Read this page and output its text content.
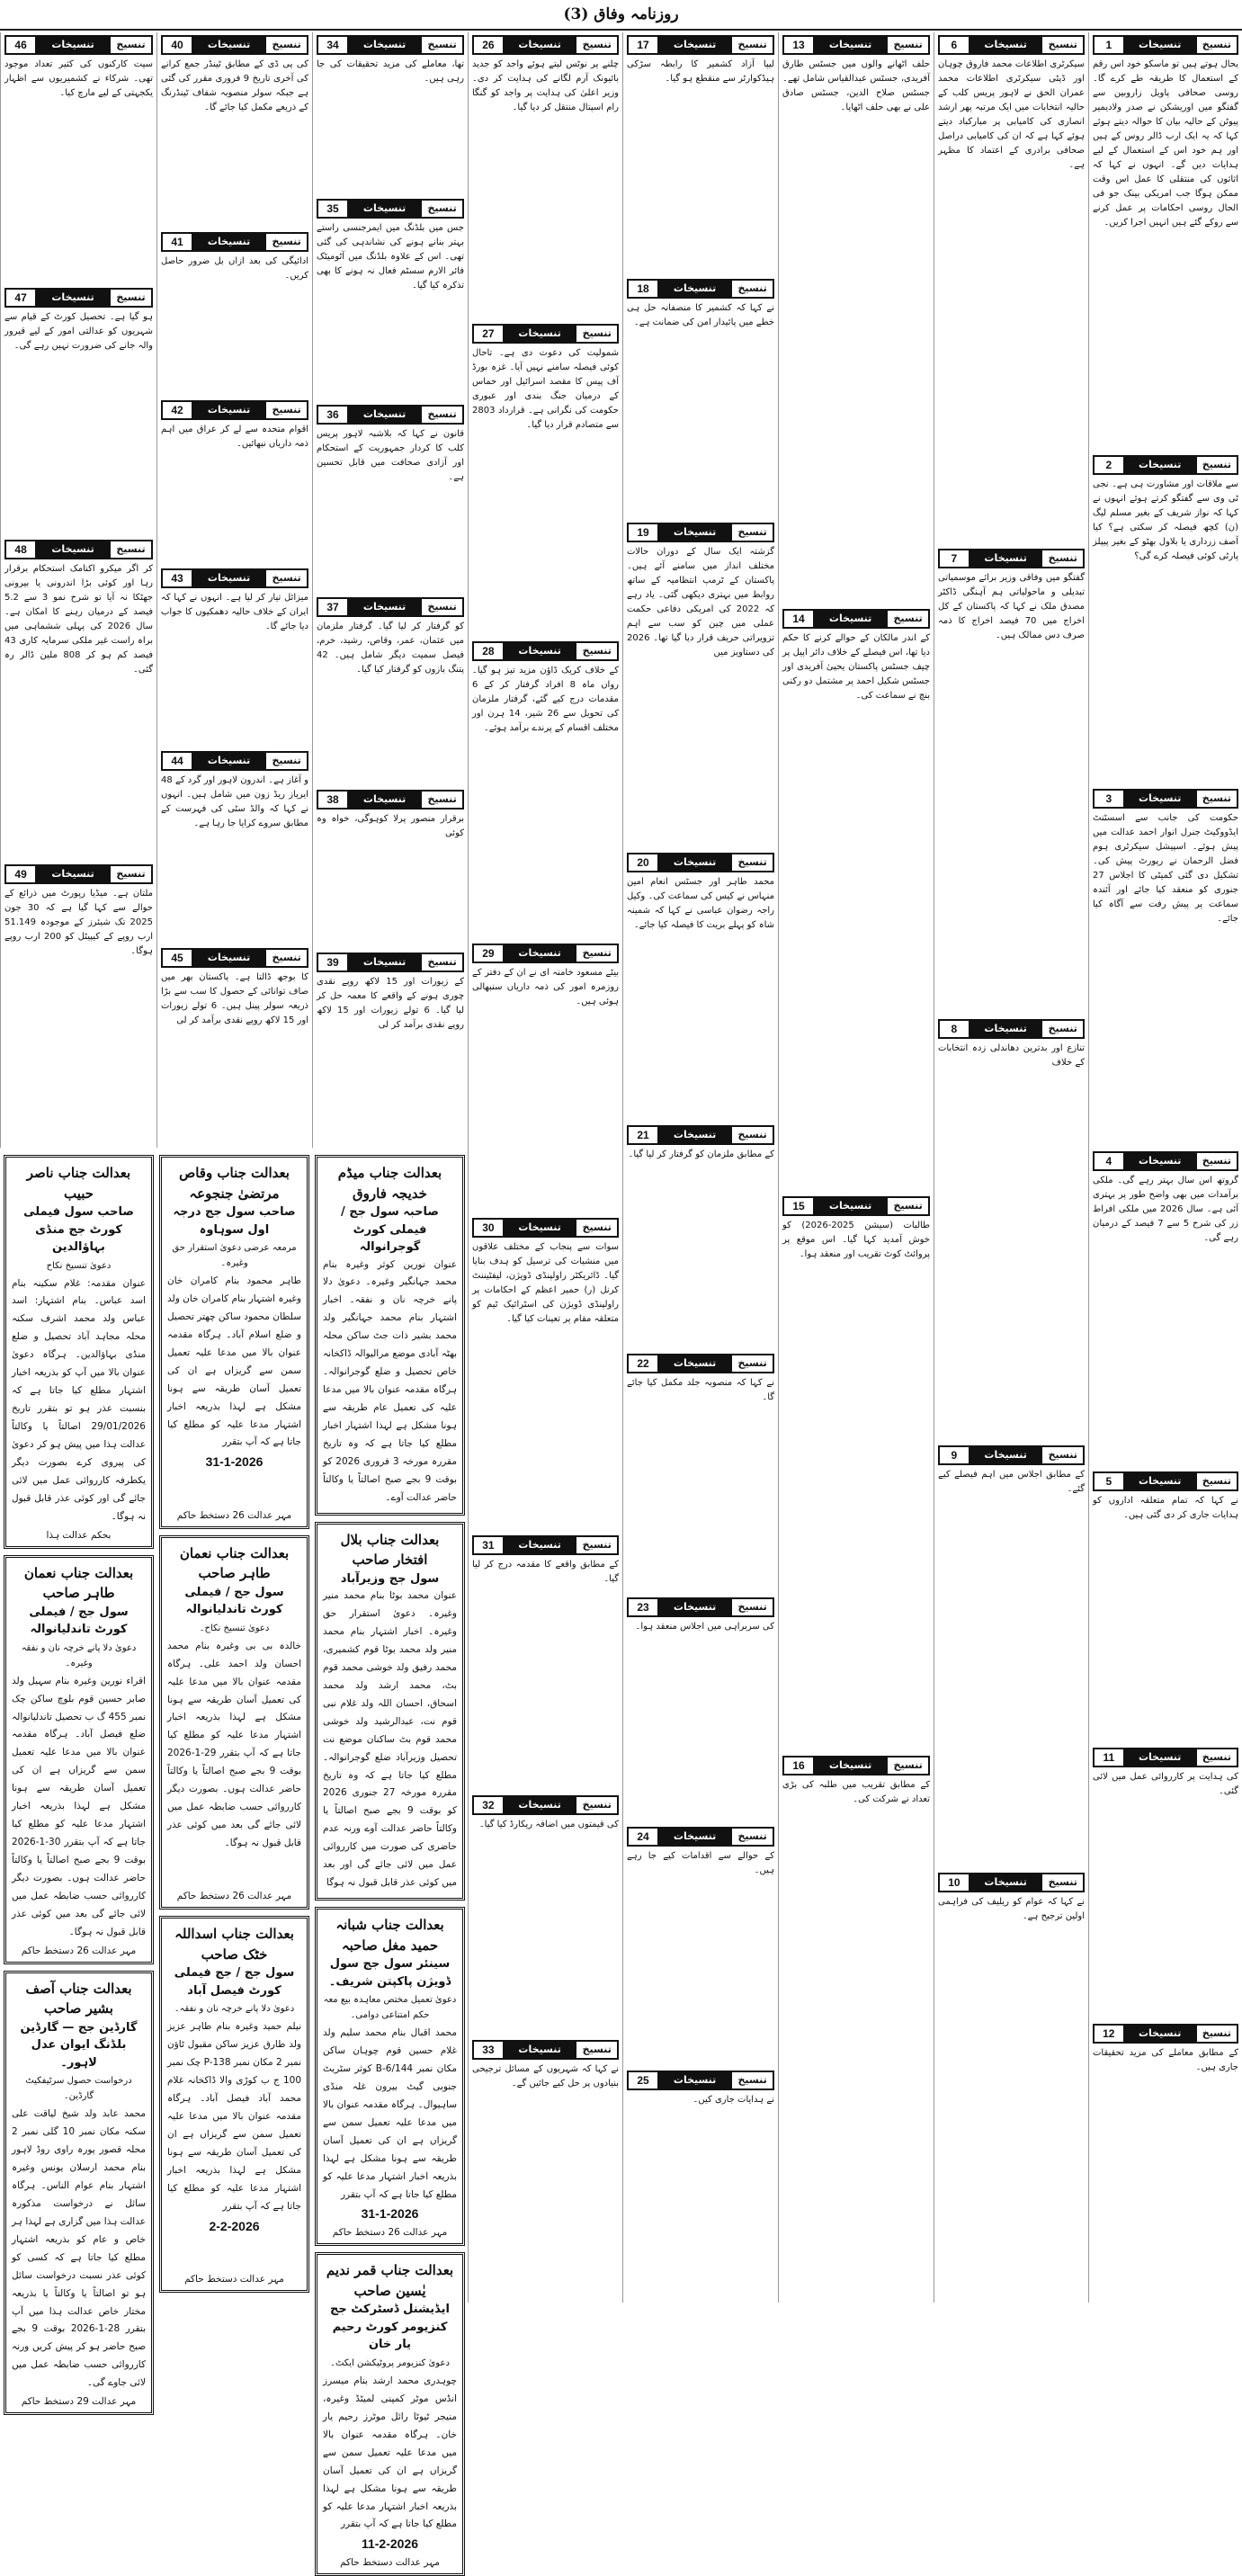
روزنامہ وفاق (3)
تنسیخ
تنسیخات
1
بحال ہوتے ہیں تو ماسکو خود اس رقم کے استعمال کا طریقہ طے کرے گا۔ روسی صحافی پاویل زاروبین سے گفتگو میں اوریشکن نے صدر ولادیمیر پیوٹن کے حالیہ بیان کا حوالہ دیتے ہوئے کہا کہ یہ ایک ارب ڈالر روس کے ہیں اور ہم خود اس کے استعمال کے لیے ہدایات دیں گے۔ انہوں نے کہا کہ اثاثوں کی منتقلی کا عمل اس وقت ممکن ہوگا جب امریکی بینک جو فی الحال روسی احکامات پر عمل کرنے سے روکے گئے ہیں انہیں اجرا کریں۔
تنسیخ
تنسیخات
2
سے ملاقات اور مشاورت ہی ہے۔ نجی ٹی وی سے گفتگو کرتے ہوئے انہوں نے کہا کہ نواز شریف کے بغیر مسلم لیگ (ن) کچھ فیصلہ کر سکتی ہے؟ کیا آصف زرداری یا بلاول بھٹو کے بغیر پیپلز پارٹی کوئی فیصلہ کرے گی؟
تنسیخ
تنسیخات
3
حکومت کی جانب سے اسسٹنٹ ایڈووکیٹ جنرل انوار احمد عدالت میں پیش ہوئے۔ اسپیشل سیکرٹری ہوم فضل الرحمان نے رپورٹ پیش کی۔ تشکیل دی گئی کمیٹی کا اجلاس 27 جنوری کو منعقد کیا جائے اور آئندہ سماعت پر پیش رفت سے آگاہ کیا جائے۔
تنسیخ
تنسیخات
4
گروتھ اس سال بہتر رہے گی۔ ملکی برآمدات میں بھی واضح طور پر بہتری آئی ہے۔ سال 2026 میں ملکی افراط زر کی شرح 5 سے 7 فیصد کے درمیان رہے گی۔
تنسیخ
تنسیخات
5
نے کہا کہ تمام متعلقہ اداروں کو ہدایات جاری کر دی گئی ہیں۔
تنسیخ
تنسیخات
11
کی ہدایت پر کارروائی عمل میں لائی گئی۔
تنسیخ
تنسیخات
12
کے مطابق معاملے کی مزید تحقیقات جاری ہیں۔
تنسیخ
تنسیخات
6
سیکرٹری اطلاعات محمد فاروق چوہان اور ڈپٹی سیکرٹری اطلاعات محمد عمران الحق نے لاہور پریس کلب کے حالیہ انتخابات میں ایک مرتبہ پھر ارشد انصاری کی کامیابی پر مبارکباد دیتے ہوئے کہا ہے کہ ان کی کامیابی دراصل صحافی برادری کے اعتماد کا مظہر ہے۔
تنسیخ
تنسیخات
7
گفتگو میں وفاقی وزیر برائے موسمیاتی تبدیلی و ماحولیاتی ہم آہنگی ڈاکٹر مصدق ملک نے کہا کہ پاکستان کے کل اخراج میں 70 فیصد اخراج کا ذمہ صرف دس ممالک ہیں۔
تنسیخ
تنسیخات
8
تنازع اور بدترین دھاندلی زدہ انتخابات کے خلاف
تنسیخ
تنسیخات
9
کے مطابق اجلاس میں اہم فیصلے کیے گئے۔
تنسیخ
تنسیخات
10
نے کہا کہ عوام کو ریلیف کی فراہمی اولین ترجیح ہے۔
تنسیخ
تنسیخات
13
حلف اٹھانے والوں میں جسٹس طارق آفریدی، جسٹس عبدالقیاس شامل تھے۔ جسٹس صلاح الدین، جسٹس صادق علی نے بھی حلف اٹھایا۔
تنسیخ
تنسیخات
14
کے اندر مالکان کے حوالے کرنے کا حکم دیا تھا، اس فیصلے کے خلاف دائر اپیل پر چیف جسٹس پاکستان یحییٰ آفریدی اور جسٹس شکیل احمد پر مشتمل دو رکنی بنچ نے سماعت کی۔
تنسیخ
تنسیخات
15
طالبات (سیشن 2025-2026) کو خوش آمدید کہا گیا۔ اس موقع پر پروائٹ کوٹ تقریب اور منعقد ہوا۔
تنسیخ
تنسیخات
16
کے مطابق تقریب میں طلبہ کی بڑی تعداد نے شرکت کی۔
تنسیخ
تنسیخات
17
لیپا آزاد کشمیر کا رابطہ سڑکی ہیڈکوارٹر سے منقطع ہو گیا۔
تنسیخ
تنسیخات
18
نے کہا کہ کشمیر کا منصفانہ حل ہی خطے میں پائیدار امن کی ضمانت ہے۔
تنسیخ
تنسیخات
19
گزشتہ ایک سال کے دوران حالات مختلف انداز میں سامنے آئے ہیں۔ پاکستان کے ٹرمپ انتظامیہ کے ساتھ روابط میں بہتری دیکھی گئی۔ یاد رہے کہ 2022 کی امریکی دفاعی حکمت عملی میں چین کو سب سے اہم تزویراتی حریف قرار دیا گیا تھا۔ 2026 کی دستاویز میں
تنسیخ
تنسیخات
20
محمد طاہر اور جسٹس انعام امین منہاس نے کیس کی سماعت کی۔ وکیل راجہ رضوان عباسی نے کہا کہ شمینہ شاہ کو پہلے بریت کا فیصلہ کیا جائے۔
تنسیخ
تنسیخات
21
کے مطابق ملزمان کو گرفتار کر لیا گیا۔
تنسیخ
تنسیخات
22
نے کہا کہ منصوبہ جلد مکمل کیا جائے گا۔
تنسیخ
تنسیخات
23
کی سربراہی میں اجلاس منعقد ہوا۔
تنسیخ
تنسیخات
24
کے حوالے سے اقدامات کیے جا رہے ہیں۔
تنسیخ
تنسیخات
25
نے ہدایات جاری کیں۔
تنسیخ
تنسیخات
26
چلنے پر نوٹس لیتے ہوئے واجد کو جدید بائیونک آرم لگانے کی ہدایت کر دی۔ وزیر اعلیٰ کی ہدایت پر واجد کو گنگا رام اسپتال منتقل کر دیا گیا۔
تنسیخ
تنسیخات
27
شمولیت کی دعوت دی ہے۔ تاحال کوئی فیصلہ سامنے نہیں آیا۔ غزہ بورڈ آف پیس کا مقصد اسرائیل اور حماس کے درمیان جنگ بندی اور عبوری حکومت کی نگرانی ہے۔ قرارداد 2803 سے متصادم قرار دیا گیا۔
تنسیخ
تنسیخات
28
کے خلاف کریک ڈاؤن مزید تیز ہو گیا۔ رواں ماہ 8 افراد گرفتار کر کے 6 مقدمات درج کیے گئے، گرفتار ملزمان کی تحویل سے 26 شیر، 14 ہرن اور مختلف اقسام کے پرندے برآمد ہوئے۔
تنسیخ
تنسیخات
29
بیٹے مسعود خامنہ ای نے ان کے دفتر کے روزمرہ امور کی ذمہ داریاں سنبھالی ہوئی ہیں۔
تنسیخ
تنسیخات
30
سوات سے پنجاب کے مختلف علاقوں میں منشیات کی ترسیل کو ہدف بنایا گیا۔ ڈائریکٹر راولپنڈی ڈویژن، لیفٹیننٹ کرنل (ر) حمیر اعظم کے احکامات پر راولپنڈی ڈویژن کی اسٹرائیک ٹیم کو متعلقہ مقام پر تعینات کیا گیا۔
تنسیخ
تنسیخات
31
کے مطابق واقعے کا مقدمہ درج کر لیا گیا۔
تنسیخ
تنسیخات
32
کی قیمتوں میں اضافہ ریکارڈ کیا گیا۔
تنسیخ
تنسیخات
33
نے کہا کہ شہریوں کے مسائل ترجیحی بنیادوں پر حل کیے جائیں گے۔
تنسیخ
تنسیخات
34
تھا، معاملے کی مزید تحقیقات کی جا رہی ہیں۔
تنسیخ
تنسیخات
35
جس میں بلڈنگ میں ایمرجنسی راستے بہتر بنانے ہونے کی نشاندہی کی گئی تھی۔ اس کے علاوہ بلڈنگ میں آٹومیٹک فائر الارم سسٹم فعال نہ ہونے کا بھی تذکرہ کیا گیا۔
تنسیخ
تنسیخات
36
قانون نے کہا کہ بلاشبہ لاہور پریس کلب کا کردار جمہوریت کے استحکام اور آزادی صحافت میں قابل تحسین ہے۔
تنسیخ
تنسیخات
37
کو گرفتار کر لیا گیا۔ گرفتار ملزمان میں عثمان، عمر، وقاص، رشید، خرم، فیصل سمیت دیگر شامل ہیں۔ 42 پتنگ بازوں کو گرفتار کیا گیا۔
تنسیخ
تنسیخات
38
برقرار منصور پرلا کوہوگی، خواہ وہ کوئی
تنسیخ
تنسیخات
39
کے زیورات اور 15 لاکھ روپے نقدی چوری ہونے کے واقعے کا معمہ حل کر لیا گیا۔ 6 تولے زیورات اور 15 لاکھ روپے نقدی برآمد کر لی
تنسیخ
تنسیخات
40
کی پی ڈی کے مطابق ٹینڈر جمع کرانے کی آخری تاریخ 9 فروری مقرر کی گئی ہے جبکہ سولر منصوبہ شفاف ٹینڈرنگ کے ذریعے مکمل کیا جائے گا۔
تنسیخ
تنسیخات
41
ادائیگی کی بعد ازاں بل ضرور حاصل کریں۔
تنسیخ
تنسیخات
42
اقوام متحدہ سے لے کر عراق میں اہم ذمہ داریاں نبھائیں۔
تنسیخ
تنسیخات
43
میزائل تیار کر لیا ہے۔ انہوں نے کہا کہ ایران کے خلاف حالیہ دھمکیوں کا جواب دیا جائے گا۔
تنسیخ
تنسیخات
44
و آغاز ہے۔ اندرون لاہور اور گرد کے 48 ایریاز ریڈ زون میں شامل ہیں۔ انہوں نے کہا کہ والڈ سٹی کی فہرست کے مطابق سروے کرایا جا رہا ہے۔
تنسیخ
تنسیخات
45
کا بوجھ ڈالتا ہے۔ پاکستان بھر میں صاف توانائی کے حصول کا سب سے بڑا ذریعہ سولر پینل ہیں۔ 6 تولے زیورات اور 15 لاکھ روپے نقدی برآمد کر لی
تنسیخ
تنسیخات
46
سیت کارکنوں کی کثیر تعداد موجود تھی۔ شرکاء نے کشمیریوں سے اظہار یکجہتی کے لیے مارچ کیا۔
تنسیخ
تنسیخات
47
ہو گیا ہے۔ تحصیل کورٹ کے قیام سے شہریوں کو عدالتی امور کے لیے قیرور والہ جانے کی ضرورت نہیں رہے گی۔
تنسیخ
تنسیخات
48
کر اگر میکرو اکنامک استحکام برقرار رہا اور کوئی بڑا اندرونی یا بیرونی جھٹکا نہ آیا تو شرح نمو 3 سے 5.2 فیصد کے درمیان رہنے کا امکان ہے۔ سال 2026 کی پہلی ششماہی میں براہ راست غیر ملکی سرمایہ کاری 43 فیصد کم ہو کر 808 ملین ڈالر رہ گئی۔
تنسیخ
تنسیخات
49
ملتان ہے۔ میڈیا رپورٹ میں ذرائع کے حوالے سے کہا گیا ہے کہ 30 جون 2025 تک شیئرز کے موجودہ 51.149 ارب روپے کے کیپیٹل کو 200 ارب روپے ہوگا۔
بعدالت جناب میڈم خدیجہ فاروق
صاحبہ سول جج / فیملی کورٹ گوجرانوالہ
عنوان نورین کوثر وغیرہ بنام محمد جہانگیر وغیرہ۔ دعویٰ دلا پانے خرچہ نان و نفقہ۔ اخبار اشتہار بنام محمد جہانگیر ولد محمد بشیر ذات جٹ ساکن محلہ بھٹہ آبادی موضع مرالیوالہ ڈاکخانہ خاص تحصیل و ضلع گوجرانوالہ۔ ہرگاہ مقدمہ عنوان بالا میں مدعا علیہ کی تعمیل عام طریقہ سے ہونا مشکل ہے لہذا اشتہار اخبار مطلع کیا جاتا ہے کہ وہ تاریخ مقررہ مورخہ 3 فروری 2026 کو بوقت 9 بجے صبح اصالتاً یا وکالتاً حاضر عدالت آوے۔
بعدالت جناب بلال افتخار صاحب
سول جج وزیرآباد
عنوان محمد بوٹا بنام محمد منیر وغیرہ۔ دعویٰ استقرار حق وغیرہ۔ اخبار اشتہار بنام محمد منیر ولد محمد بوٹا قوم کشمیری، محمد رفیق ولد خوشی محمد قوم بٹ، محمد ارشد ولد محمد اسحاق، احسان اللہ ولد غلام نبی قوم نت، عبدالرشید ولد خوشی محمد قوم بٹ ساکنان موضع نت تحصیل وزیرآباد ضلع گوجرانوالہ۔ مطلع کیا جاتا ہے کہ وہ تاریخ مقررہ مورخہ 27 جنوری 2026 کو بوقت 9 بجے صبح اصالتاً یا وکالتاً حاضر عدالت آوے ورنہ عدم حاضری کی صورت میں کارروائی عمل میں لائی جائے گی اور بعد میں کوئی عذر قابل قبول نہ ہوگا
بعدالت جناب شبانہ حمید مغل صاحبہ
سینئر سول جج سول ڈویژن پاکپتن شریف۔
دعویٰ تعمیل مختص معاہدہ بیع معہ حکم امتناعی دوامی۔
محمد اقبال بنام محمد سلیم ولد غلام حسین قوم چوہان ساکن مکان نمبر 144/B-6 کوثر سٹریٹ جنوبی گیٹ بیرون غلہ منڈی ساہیوال۔ ہرگاہ مقدمہ عنوان بالا میں مدعا علیہ تعمیل سمن سے گریزاں ہے ان کی تعمیل آسان طریقہ سے ہونا مشکل ہے لہذا بذریعہ اخبار اشتہار مدعا علیہ کو مطلع کیا جاتا ہے کہ آپ بتقرر
31-1-2026
مہر عدالت 26 دستخط حاکم
بعدالت جناب قمر ندیم یٰسین صاحب
ایڈیشنل ڈسٹرکٹ جج کنزیومر کورٹ رحیم یار خان
دعویٰ کنزیومر پروٹیکشن ایکٹ۔
چوہدری محمد ارشد بنام میسرز انڈس موٹر کمپنی لمیٹڈ وغیرہ، منیجر ٹیوٹا رائل موٹرز رحیم یار خان۔ ہرگاہ مقدمہ عنوان بالا میں مدعا علیہ تعمیل سمن سے گریزاں ہے ان کی تعمیل آسان طریقہ سے ہونا مشکل ہے لہذا بذریعہ اخبار اشتہار مدعا علیہ کو مطلع کیا جاتا ہے کہ آپ بتقرر
11-2-2026
مہر عدالت دستخط حاکم
بعدالت جناب وقاص مرتضیٰ جنجوعہ
صاحب سول جج درجہ اول سوہاوہ
مرمعہ عرضی دعویٰ استقرار حق وغیرہ۔
طاہر محمود بنام کامران خان وغیرہ اشتہار بنام کامران خان ولد سلطان محمود ساکن چھتر تحصیل و ضلع اسلام آباد۔ ہرگاہ مقدمہ عنوان بالا میں مدعا علیہ تعمیل سمن سے گریزاں ہے ان کی تعمیل آسان طریقہ سے ہونا مشکل ہے لہذا بذریعہ اخبار اشتہار مدعا علیہ کو مطلع کیا جاتا ہے کہ آپ بتقرر
31-1-2026
مہر عدالت 26 دستخط حاکم
بعدالت جناب نعمان طاہر صاحب
سول جج / فیملی کورٹ تاندلیانوالہ
دعویٰ تنسیخ نکاح۔
خالدہ بی بی وغیرہ بنام محمد احسان ولد احمد علی۔ ہرگاہ مقدمہ عنوان بالا میں مدعا علیہ کی تعمیل آسان طریقہ سے ہونا مشکل ہے لہذا بذریعہ اخبار اشتہار مدعا علیہ کو مطلع کیا جاتا ہے کہ آپ بتقرر 29-1-2026 بوقت 9 بجے صبح اصالتاً یا وکالتاً حاضر عدالت ہوں۔ بصورت دیگر کارروائی حسب ضابطہ عمل میں لائی جائے گی بعد میں کوئی عذر قابل قبول نہ ہوگا۔
مہر عدالت 26 دستخط حاکم
بعدالت جناب اسداللہ خٹک صاحب
سول جج / جج فیملی کورٹ فیصل آباد
دعویٰ دلا پانے خرچہ نان و نفقہ۔
نیلم حمید وغیرہ بنام طاہر عزیز ولد طارق عزیز ساکن مقبول ٹاؤن نمبر 2 مکان نمبر P-138 چک نمبر 100 ج ب کوڑی والا ڈاکخانہ غلام محمد آباد فیصل آباد۔ ہرگاہ مقدمہ عنوان بالا میں مدعا علیہ تعمیل سمن سے گریزاں ہے ان کی تعمیل آسان طریقہ سے ہونا مشکل ہے لہذا بذریعہ اخبار اشتہار مدعا علیہ کو مطلع کیا جاتا ہے کہ آپ بتقرر
2-2-2026
مہر عدالت دستخط حاکم
بعدالت جناب ناصر حبیب
صاحب سول فیملی کورٹ جج منڈی بہاؤالدین
دعویٰ تنسیخ نکاح
عنوان مقدمہ: غلام سکینہ بنام اسد عباس۔ بنام اشتہار: اسد عباس ولد محمد اشرف سکنہ محلہ مجاہد آباد تحصیل و ضلع منڈی بہاؤالدین۔ ہرگاہ دعویٰ عنوان بالا میں آپ کو بذریعہ اخبار اشتہار مطلع کیا جاتا ہے کہ بنسبت عذر ہو تو بتقرر تاریخ 29/01/2026 اصالتاً یا وکالتاً عدالت ہذا میں پیش ہو کر دعویٰ کی پیروی کرے بصورت دیگر یکطرفہ کارروائی عمل میں لائی جائے گی اور کوئی عذر قابل قبول نہ ہوگا۔
بحکم عدالت ہذا
بعدالت جناب نعمان طاہر صاحب
سول جج / فیملی کورٹ تاندلیانوالہ
دعویٰ دلا پانے خرچہ نان و نفقہ وغیرہ۔
اقراء نورین وغیرہ بنام سہیل ولد صابر حسین قوم بلوچ ساکن چک نمبر 455 گ ب تحصیل تاندلیانوالہ ضلع فیصل آباد۔ ہرگاہ مقدمہ عنوان بالا میں مدعا علیہ تعمیل سمن سے گریزاں ہے ان کی تعمیل آسان طریقہ سے ہونا مشکل ہے لہذا بذریعہ اخبار اشتہار مدعا علیہ کو مطلع کیا جاتا ہے کہ آپ بتقرر 30-1-2026 بوقت 9 بجے صبح اصالتاً یا وکالتاً حاضر عدالت ہوں۔ بصورت دیگر کارروائی حسب ضابطہ عمل میں لائی جائے گی بعد میں کوئی عذر قابل قبول نہ ہوگا۔
مہر عدالت 26 دستخط حاکم
بعدالت جناب آصف بشیر صاحب
گارڈین جج — گارڈین بلڈنگ ایوان عدل لاہور۔
درخواست حصول سرٹیفکیٹ گارڈین۔
محمد عابد ولد شیخ لیاقت علی سکنہ مکان نمبر 10 گلی نمبر 2 محلہ قصور پورہ راوی روڈ لاہور بنام محمد ارسلان یونس وغیرہ اشتہار بنام عوام الناس۔ ہرگاہ سائل نے درخواست مذکورہ عدالت ہذا میں گزاری ہے لہذا ہر خاص و عام کو بذریعہ اشتہار مطلع کیا جاتا ہے کہ کسی کو کوئی عذر نسبت درخواست سائل ہو تو اصالتاً یا وکالتاً یا بذریعہ مختار خاص عدالت ہذا میں آپ بتقرر 28-1-2026 بوقت 9 بجے صبح حاضر ہو کر پیش کریں ورنہ کارروائی حسب ضابطہ عمل میں لائی جاوے گی۔
مہر عدالت 29 دستخط حاکم
